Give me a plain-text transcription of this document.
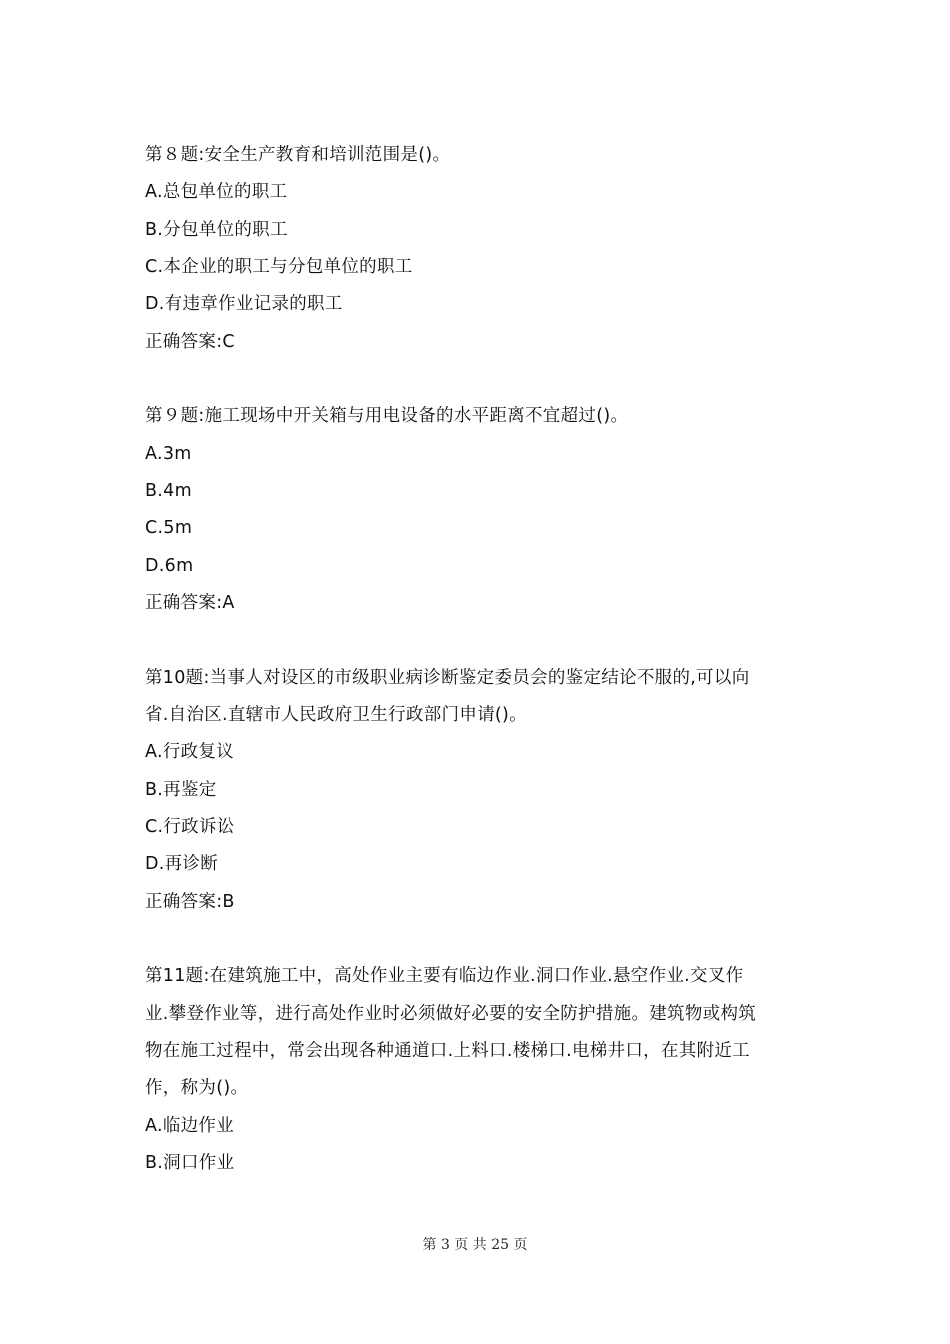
第８题:安全生产教育和培训范围是()。
A.总包单位的职工
B.分包单位的职工
C.本企业的职工与分包单位的职工
D.有违章作业记录的职工
正确答案:C
第９题:施工现场中开关箱与用电设备的水平距离不宜超过()。
A.3m
B.4m
C.5m
D.6m
正确答案:A
第10题:当事人对设区的市级职业病诊断鉴定委员会的鉴定结论不服的,可以向
省.自治区.直辖市人民政府卫生行政部门申请()。
A.行政复议
B.再鉴定
C.行政诉讼
D.再诊断
正确答案:B
第11题:在建筑施工中，高处作业主要有临边作业.洞口作业.悬空作业.交叉作
业.攀登作业等，进行高处作业时必须做好必要的安全防护措施。建筑物或构筑
物在施工过程中，常会出现各种通道口.上料口.楼梯口.电梯井口，在其附近工
作，称为()。
A.临边作业
B.洞口作业
第 3 页 共 25 页
